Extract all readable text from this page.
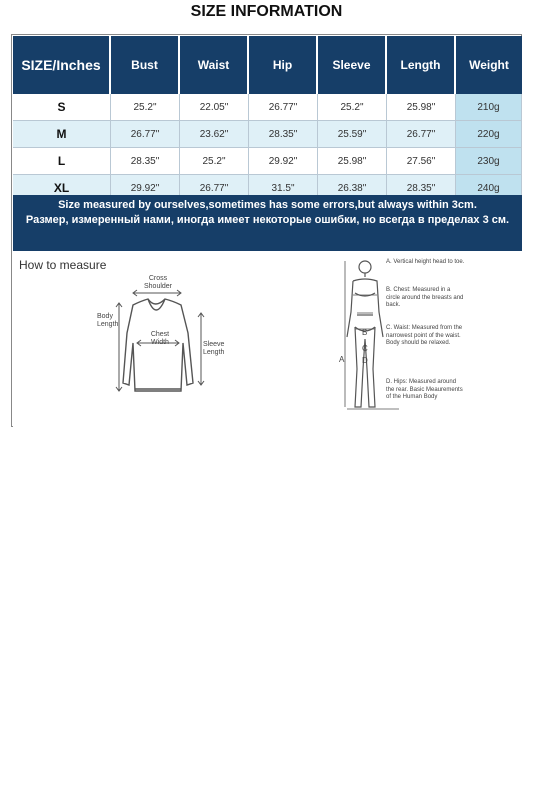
SIZE INFORMATION
SIZE/Inches	Bust	Waist	Hip	Sleeve	Length	Weight
S	25.2"	22.05"	26.77"	25.2"	25.98"	210g
M	26.77"	23.62"	28.35"	25.59"	26.77"	220g
L	28.35"	25.2"	29.92"	25.98"	27.56"	230g
XL	29.92"	26.77"	31.5"	26.38"	28.35"	240g
Size measured by ourselves,sometimes has some errors,but always within 3cm.
Размер, измеренный нами, иногда имеет некоторые ошибки, но всегда в пределах 3 см.
How to measure
Cross Shoulder
Body Length
Chest Width	Sleeve Length
A
B
C
D
A. Vertical height head to toe.
B. Chest: Measured in a circle around the breasts and back.
C. Waist: Measured from the narrowest point of the waist. Body should be relaxed.
D. Hips: Measured around the rear. Basic Meaurements of the Human Body
